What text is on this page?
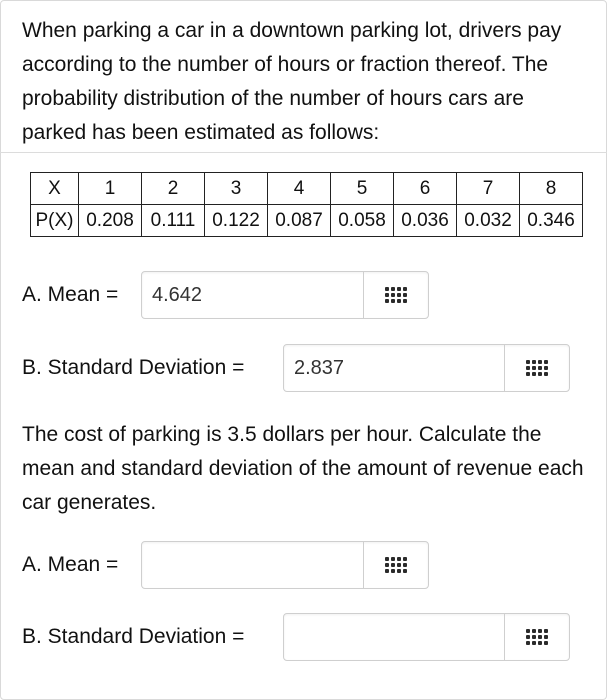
When parking a car in a downtown parking lot, drivers pay according to the number of hours or fraction thereof. The probability distribution of the number of hours cars are parked has been estimated as follows:

X	1	2	3	4	5	6	7	8
P(X)	0.208	0.111	0.122	0.087	0.058	0.036	0.032	0.346
A. Mean =	4.642
B. Standard Deviation =	2.837

The cost of parking is 3.5 dollars per hour. Calculate the mean and standard deviation of the amount of revenue each car generates.

A. Mean =
B. Standard Deviation =
